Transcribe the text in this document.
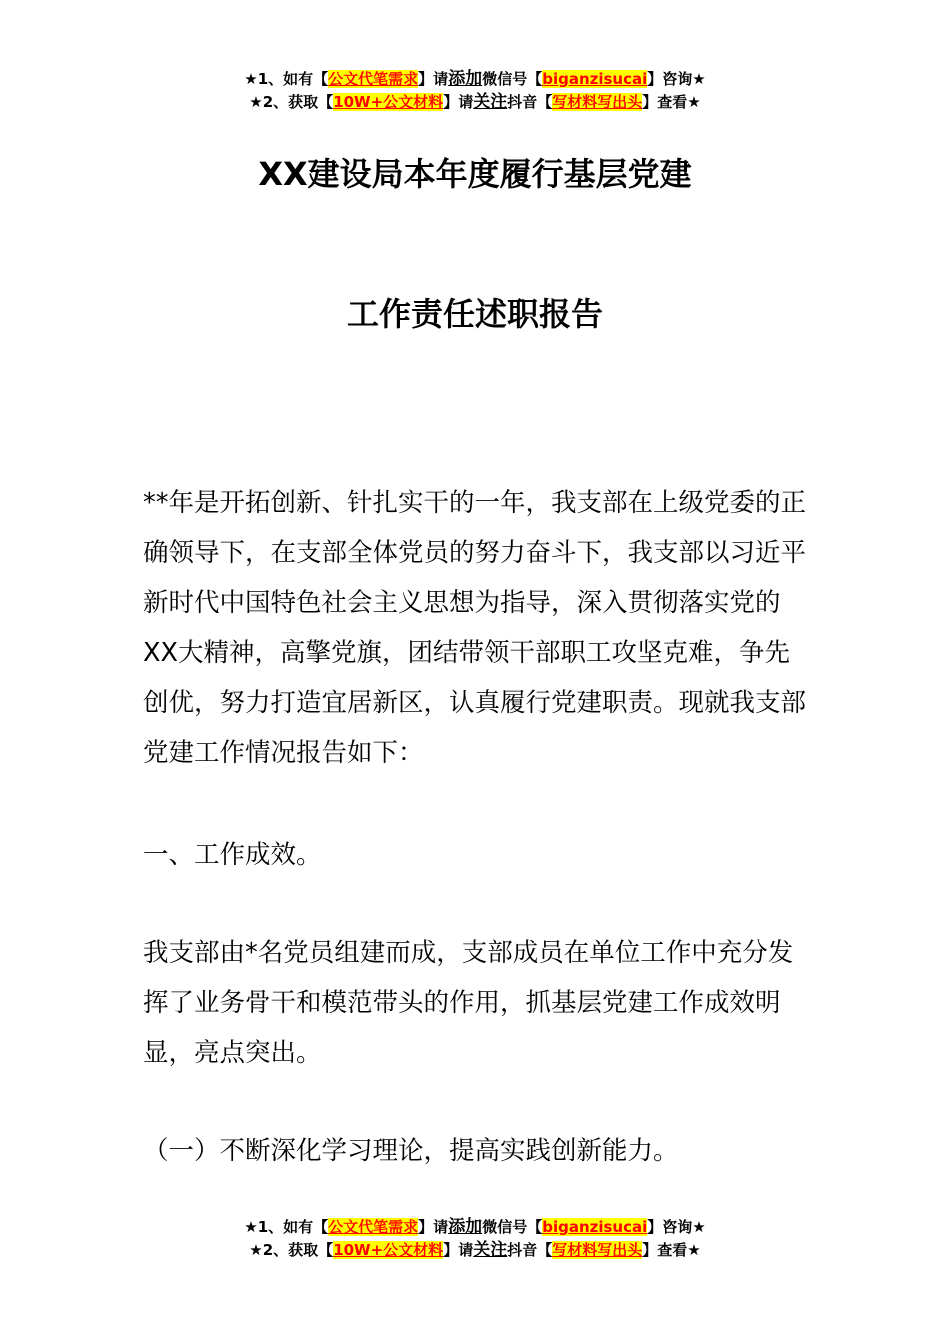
★1、如有【公文代笔需求】请添加微信号【biganzisucai】咨询★
★2、获取【10W+公文材料】请关注抖音【写材料写出头】查看★
XX建设局本年度履行基层党建
工作责任述职报告

**年是开拓创新、针扎实干的一年，我支部在上级党委的正确领导下，在支部全体党员的努力奋斗下，我支部以习近平新时代中国特色社会主义思想为指导，深入贯彻落实党的XX大精神，高擎党旗，团结带领干部职工攻坚克难，争先创优，努力打造宜居新区，认真履行党建职责。现就我支部党建工作情况报告如下：

一、工作成效。

我支部由*名党员组建而成，支部成员在单位工作中充分发挥了业务骨干和模范带头的作用，抓基层党建工作成效明显，亮点突出。

（一）不断深化学习理论，提高实践创新能力。

★1、如有【公文代笔需求】请添加微信号【biganzisucai】咨询★
★2、获取【10W+公文材料】请关注抖音【写材料写出头】查看★
